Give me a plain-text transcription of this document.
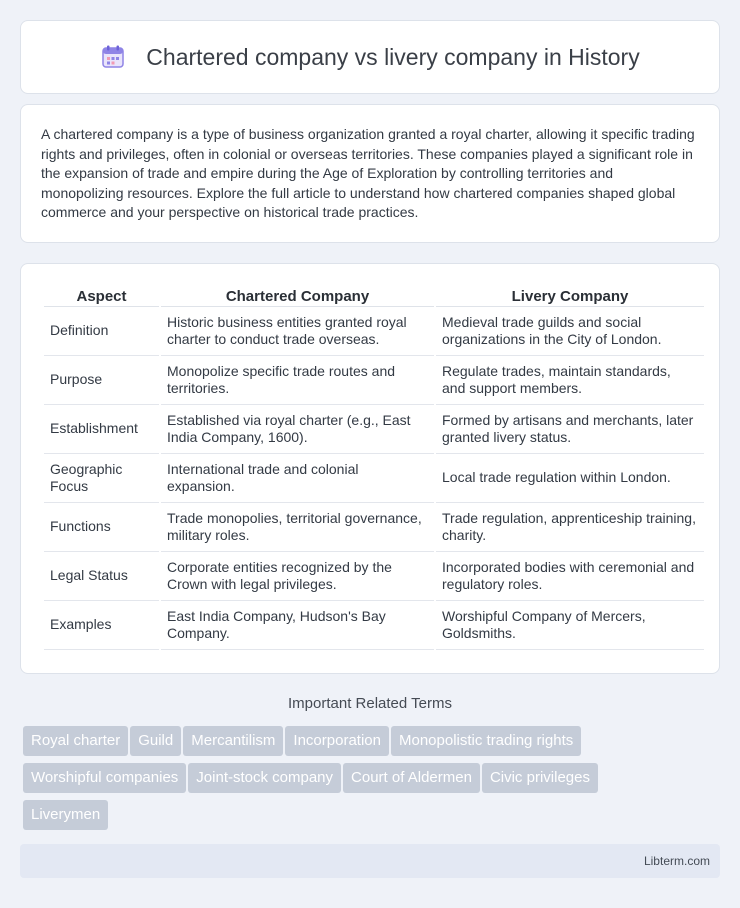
Chartered company vs livery company in History

A chartered company is a type of business organization granted a royal charter, allowing it specific trading rights and privileges, often in colonial or overseas territories. These companies played a significant role in the expansion of trade and empire during the Age of Exploration by controlling territories and monopolizing resources. Explore the full article to understand how chartered companies shaped global commerce and your perspective on historical trade practices.

Aspect	Chartered Company	Livery Company
Definition	Historic business entities granted royal charter to conduct trade overseas.	Medieval trade guilds and social organizations in the City of London.
Purpose	Monopolize specific trade routes and territories.	Regulate trades, maintain standards, and support members.
Establishment	Established via royal charter (e.g., East India Company, 1600).	Formed by artisans and merchants, later granted livery status.
Geographic Focus	International trade and colonial expansion.	Local trade regulation within London.
Functions	Trade monopolies, territorial governance, military roles.	Trade regulation, apprenticeship training, charity.
Legal Status	Corporate entities recognized by the Crown with legal privileges.	Incorporated bodies with ceremonial and regulatory roles.
Examples	East India Company, Hudson's Bay Company.	Worshipful Company of Mercers, Goldsmiths.
Important Related Terms
Royal charter Guild Mercantilism Incorporation Monopolistic trading rights
Worshipful companies Joint-stock company Court of Aldermen Civic privileges
Liverymen
Libterm.com
